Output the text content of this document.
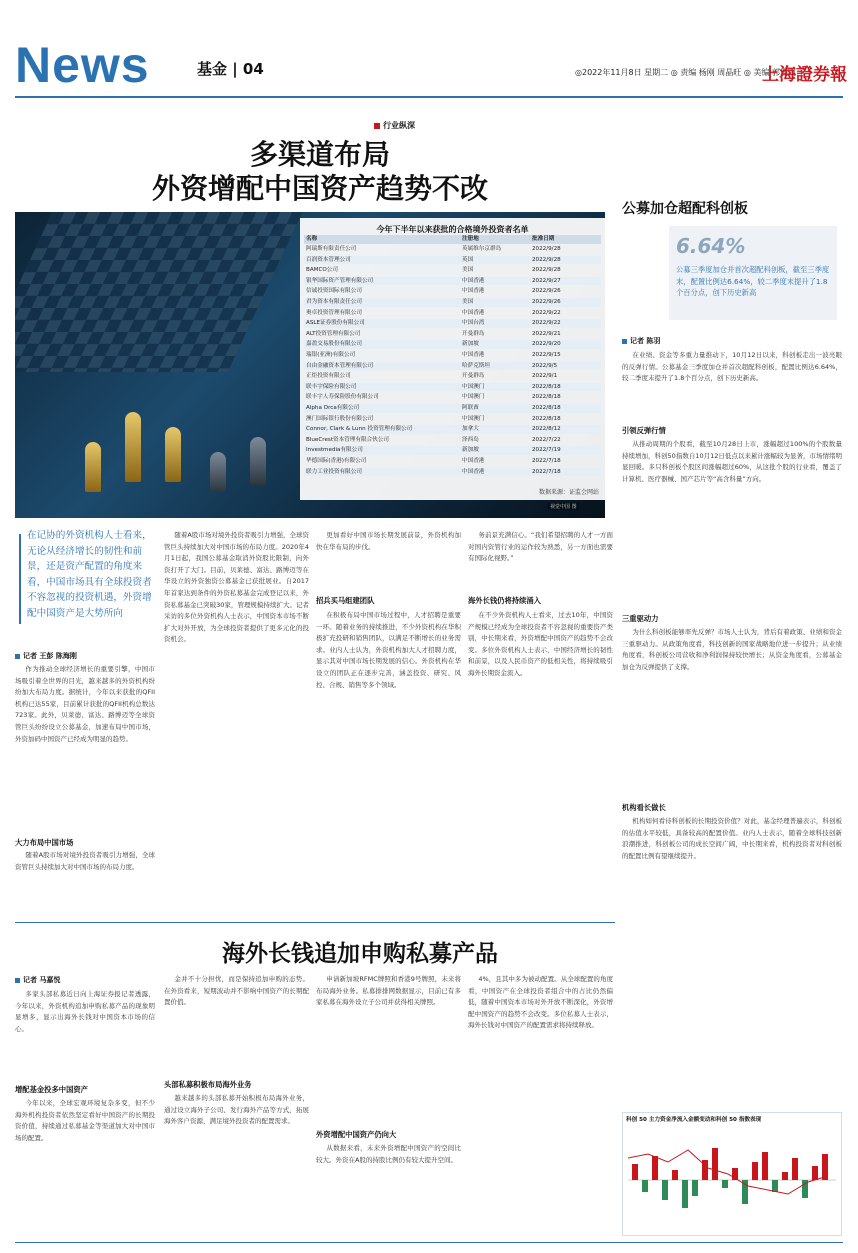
News	基金 | 04	◎2022年11月8日 星期二 ◎ 责编 杨刚 周晶旺 ◎ 美编 郭晨凯
上海證券報
行业纵深
多渠道布局
外资增配中国资产趋势不改
今年下半年以来获批的合格境外投资者名单
名称	注册地	批准日期
阿瑞斯有限责任公司	英属维尔京群岛	2022/9/28
百润资本管理公司	英国	2022/9/28
BAMCO公司	美国	2022/9/28
银华国际资产管理有限公司	中国香港	2022/9/27
信诚投资国际有限公司	中国香港	2022/9/26
君为资本有限责任公司	美国	2022/9/26
奥卓投资管理有限公司	中国香港	2022/9/22
ASLE证券股份有限公司	中国台湾	2022/9/22
ALT投资管理有限公司	开曼群岛	2022/9/21
嘉盈交易股份有限公司	新加坡	2022/9/20
瑞银(亚洲)有限公司	中国香港	2022/9/15
自由金融资本管理有限公司	哈萨克斯坦	2022/9/5
正炬投资有限公司	开曼群岛	2022/9/1
联丰宇保险有限公司	中国澳门	2022/8/18
联丰宇人寿保险股份有限公司	中国澳门	2022/8/18
Alpha Orca有限公司	阿联酋	2022/8/18
澳门国际银行股份有限公司	中国澳门	2022/8/18
Connor, Clark & Lunn 投资管理有限公司	加拿大	2022/8/12
BlueCrest资本管理有限合伙公司	泽西岛	2022/7/22
Investmedia有限公司	新加坡	2022/7/19
华德国际(香港)有限公司	中国香港	2022/7/18
联力工业投资有限公司	中国香港	2022/7/18
数据来源：证监会网站
视觉中国 图
在记协的外资机构人士看来，无论从经济增长的韧性和前景，还是资产配置的角度来看，中国市场具有全球投资者不容忽视的投资机遇，外资增配中国资产是大势所向
记者 王彭 陈海刚
作为推动全球经济增长的重要引擎，中国市场吸引着全世界的目光，越来越多的外资机构纷纷加大布局力度。据统计，今年以来获批的QFII机构已达55家，目前累计获批的QFII机构总数达723家。此外，贝莱德、富达、路博迈等全球资管巨头纷纷设立公募基金，加速布局中国市场，外资加码中国资产已经成为明显的趋势。
大力布局中国市场
随着A股市场对境外投资者吸引力增强，全球资管巨头持续加大对中国市场的布局力度。
随着A股市场对境外投资者吸引力增强，全球资管巨头持续加大对中国市场的布局力度。2020年4月1日起，我国公募基金取消外资股比限制，向外资打开了大门。目前，贝莱德、富达、路博迈等在华设立的外资独资公募基金已获批展业。自2017年首家达到条件的外资私募基金完成登记以来，外资私募基金已突破30家，管理规模持续扩大。记者采访的多位外资机构人士表示，中国资本市场不断扩大对外开放，为全球投资者提供了更多元化的投资机会。
更加看好中国市场长期发展前景，外资机构加快在华布局的步伐。
招兵买马组建团队
在积极布局中国市场过程中，人才招聘是重要一环。随着业务的持续推进，不少外资机构在华积极扩充投研和销售团队，以满足不断增长的业务需求。业内人士认为，外资机构加大人才招聘力度，显示其对中国市场长期发展的信心。外资机构在华设立的团队正在逐步完善，涵盖投资、研究、风控、合规、销售等多个领域。
务前景充满信心。“我们希望招聘的人才一方面对国内资管行业的运作较为熟悉，另一方面也需要有国际化视野。”
海外长钱仍将持续涌入
在不少外资机构人士看来，过去10年，中国资产规模已经成为全球投资者不容忽视的重要资产类别，中长期来看，外资增配中国资产的趋势不会改变。多位外资机构人士表示，中国经济增长的韧性和前景，以及人民币资产的低相关性，将持续吸引海外长期资金流入。
公募加仓超配科创板
6.64%
公募三季度加仓并首次超配科创板，截至三季度末，配置比例达6.64%，较二季度末提升了1.8个百分点，创下历史新高
记者 陈羽
在业绩、资金等多重力量推动下，10月12日以来，科创板走出一波亮眼的反弹行情。公募基金三季度加仓并首次超配科创板，配置比例达6.64%，较二季度末提升了1.8个百分点，创下历史新高。
引领反弹行情
从推动周期的个股看，截至10月28日上市，涨幅超过100%的个股数量持续增加，科创50指数自10月12日低点以来累计涨幅较为显著，市场情绪明显回暖。多只科创板个股区间涨幅超过60%，从这批个股的行业看，覆盖了计算机、医疗器械、国产芯片等“高含科量”方向。
三重驱动力
为什么科创板能够率先反弹？市场人士认为，背后有着政策、业绩和资金三重驱动力。从政策角度看，科技创新的国家战略地位进一步提升；从业绩角度看，科创板公司营收和净利润保持较快增长；从资金角度看，公募基金加仓为反弹提供了支撑。
机构看长做长
机构如何看待科创板的长期投资价值？对此，基金经理普遍表示，科创板的估值水平较低，具备较高的配置价值。业内人士表示，随着全球科技创新浪潮推进，科创板公司的成长空间广阔，中长期来看，机构投资者对科创板的配置比例有望继续提升。
科创 50 主力资金净流入金额变动和科创 50 指数表现
海外长钱追加申购私募产品
记者 马嘉悦
多家头部私募近日向上海证券报记者透露，今年以来，外资机构追加申购私募产品的现象明显增多，显示出海外长钱对中国资本市场的信心。
增配基金投多中国资产
今年以来，全球宏观环境复杂多变，但不少海外机构投资者依然坚定看好中国资产的长期投资价值，持续通过私募基金等渠道加大对中国市场的配置。
金并不十分担忧，而是保持追加申购的态势。在外资看来，短期波动并不影响中国资产的长期配置价值。
头部私募积极布局海外业务
越来越多的头部私募开始积极布局海外业务，通过设立海外子公司、发行海外产品等方式，拓展海外客户资源，满足境外投资者的配置需求。
申请新加坡RFMC牌照和香港9号牌照，未来将布局海外业务。私募排排网数据显示，目前已有多家私募在海外设立子公司并获得相关牌照。
外资增配中国资产仍向大
从数据来看，未来外资增配中国资产的空间比较大。外资在A股的持股比例仍有较大提升空间。
4%，且其中多为被动配置。从全球配置的角度看，中国资产在全球投资者组合中的占比仍然偏低，随着中国资本市场对外开放不断深化，外资增配中国资产的趋势不会改变。多位私募人士表示，海外长钱对中国资产的配置需求将持续释放。
